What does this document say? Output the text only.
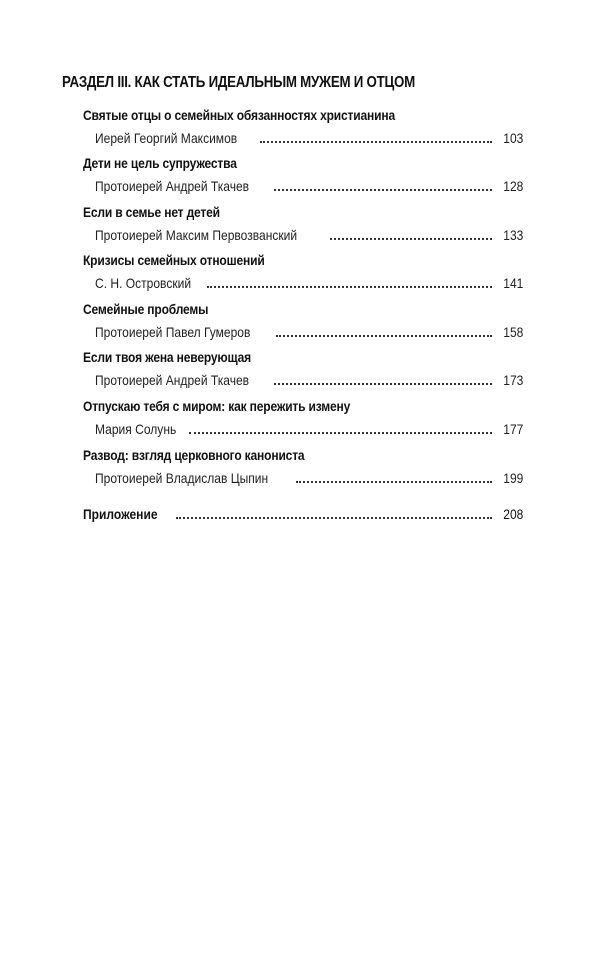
РАЗДЕЛ III. КАК СТАТЬ ИДЕАЛЬНЫМ МУЖЕМ И ОТЦОМ
Святые отцы о семейных обязанностях христианина
Иерей Георгий Максимов	103
Дети не цель супружества
Протоиерей Андрей Ткачев	128
Если в семье нет детей
Протоиерей Максим Первозванский	133
Кризисы семейных отношений
С. Н. Островский	141
Семейные проблемы
Протоиерей Павел Гумеров	158
Если твоя жена неверующая
Протоиерей Андрей Ткачев	173
Отпускаю тебя с миром: как пережить измену
Мария Солунь	177
Развод: взгляд церковного канониста
Протоиерей Владислав Цыпин	199
Приложение	208
